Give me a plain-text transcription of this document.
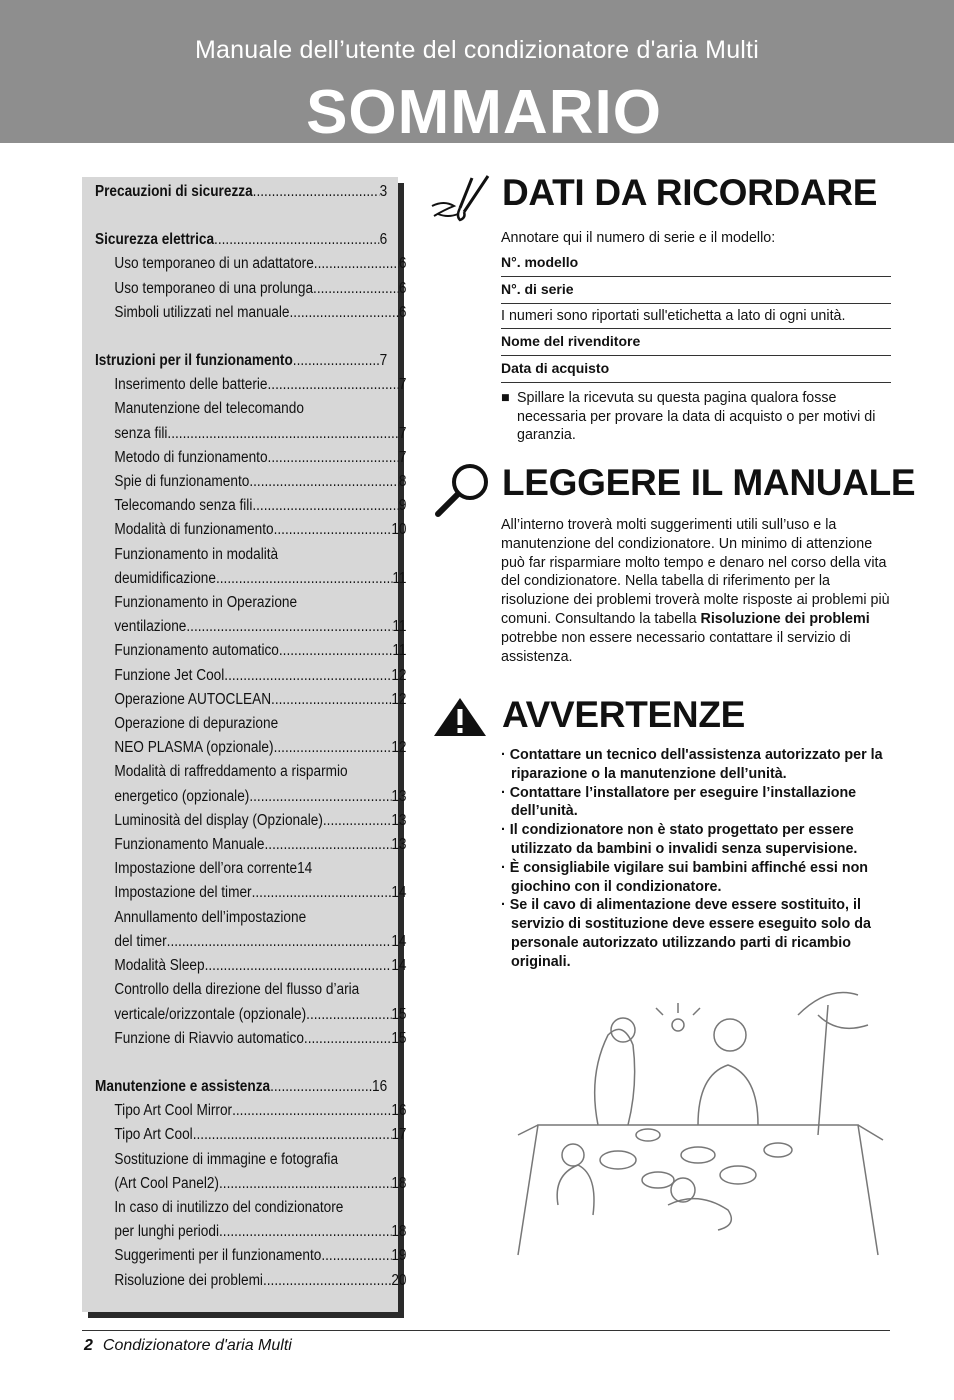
Manuale dell’utente del condizionatore d'aria Multi
SOMMARIO
Precauzioni di sicurezza .....	3
Sicurezza elettrica .....	6
Uso temporaneo di un adattatore .....	6
Uso temporaneo di una prolunga .....	6
Simboli utilizzati nel manuale .....	6
Istruzioni per il funzionamento .....	7
Inserimento delle batterie .....	7
Manutenzione del telecomando
senza fili .....	7
Metodo di funzionamento .....	7
Spie di funzionamento .....	8
Telecomando senza fili .....	9
Modalità di funzionamento .....	10
Funzionamento in modalità
deumidificazione .....	11
Funzionamento in Operazione
ventilazione .....	11
Funzionamento automatico .....	11
Funzione Jet Cool .....	12
Operazione AUTOCLEAN .....	12
Operazione di depurazione
NEO PLASMA (opzionale) .....	12
Modalità di raffreddamento a risparmio
energetico (opzionale) .....	13
Luminosità del display (Opzionale) .....	13
Funzionamento Manuale .....	13
Impostazione dell’ora corrente14
Impostazione del timer .....	14
Annullamento dell’impostazione
del timer .....	14
Modalità Sleep .....	14
Controllo della direzione del flusso d’aria
verticale/orizzontale (opzionale) .....	15
Funzione di Riavvio automatico .....	15
Manutenzione e assistenza .....	16
Tipo Art Cool Mirror .....	16
Tipo Art Cool .....	17
Sostituzione di immagine e fotografia
(Art Cool Panel2) .....	18
In caso di inutilizzo del condizionatore
per lunghi periodi. .....	18
Suggerimenti per il funzionamento .....	19
Risoluzione dei problemi .....	20
DATI DA RICORDARE
Annotare qui il numero di serie e il modello:
N°. modello
N°. di serie
I numeri sono riportati sull'etichetta a lato di ogni unità.
Nome del rivenditore
Data di acquisto
■ Spillare la ricevuta su questa pagina qualora fosse necessaria per provare la data di acquisto o per motivi di garanzia.
LEGGERE IL MANUALE

All’interno troverà molti suggerimenti utili sull’uso e la manutenzione del condizionatore. Un minimo di attenzione può far risparmiare molto tempo e denaro nel corso della vita del condizionatore. Nella tabella di riferimento per la risoluzione dei problemi troverà molte risposte ai problemi più comuni. Consultando la tabella Risoluzione dei problemi potrebbe non essere necessario contattare il servizio di assistenza.

AVVERTENZE
· Contattare un tecnico dell'assistenza autorizzato per la riparazione o la manutenzione dell’unità.
· Contattare l’installatore per eseguire l’installazione dell’unità.
· Il condizionatore non è stato progettato per essere utilizzato da bambini o invalidi senza supervisione.
· È consigliabile vigilare sui bambini affinché essi non giochino con il condizionatore.
· Se il cavo di alimentazione deve essere sostituito, il servizio di sostituzione deve essere eseguito solo da personale autorizzato utilizzando parti di ricambio originali.
2 Condizionatore d'aria Multi
